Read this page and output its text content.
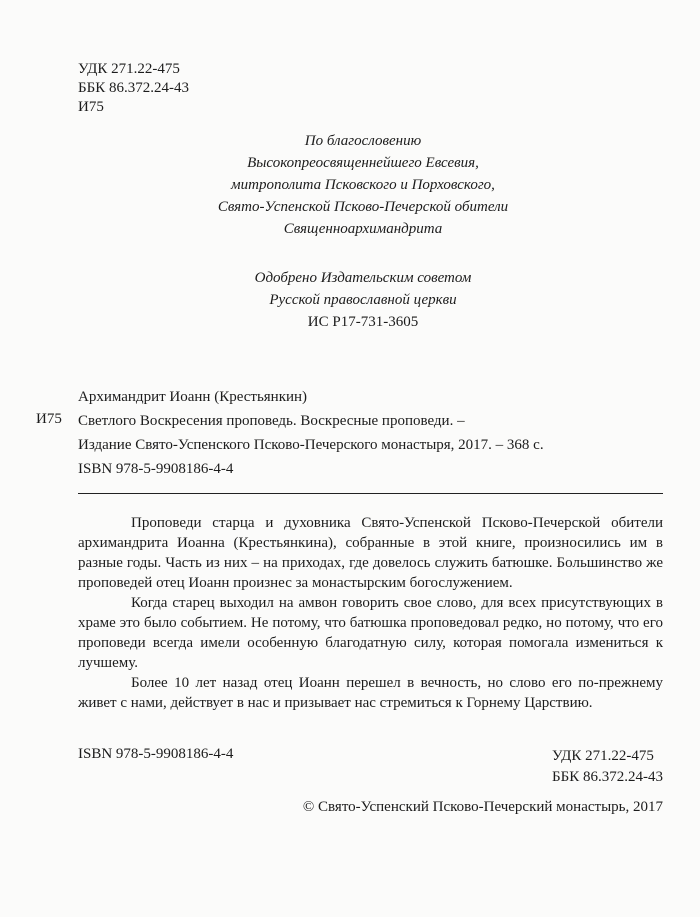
УДК 271.22-475
ББК 86.372.24-43
И75
По благословению
Высокопреосвященнейшего Евсевия,
митрополита Псковского и Порховского,
Свято-Успенской Псково-Печерской обители
Священноархимандрита
Одобрено Издательским советом
Русской православной церкви
ИС Р17-731-3605
И75
Архимандрит Иоанн (Крестьянкин)
Светлого Воскресения проповедь. Воскресные проповеди. –
Издание Свято-Успенского Псково-Печерского монастыря, 2017. – 368 с.
ISBN 978-5-9908186-4-4

Проповеди старца и духовника Свято-Успенской Псково-Печерской обители архимандрита Иоанна (Крестьянкина), собранные в этой книге, произносились им в разные годы. Часть из них – на приходах, где довелось служить батюшке. Большинство же проповедей отец Иоанн произнес за монастырским богослужением.

Когда старец выходил на амвон говорить свое слово, для всех присутствующих в храме это было событием. Не потому, что батюшка проповедовал редко, но потому, что его проповеди всегда имели особенную благодатную силу, которая помогала измениться к лучшему.

Более 10 лет назад отец Иоанн перешел в вечность, но слово его по-прежнему живет с нами, действует в нас и призывает нас стремиться к Горнему Царствию.

ISBN 978-5-9908186-4-4	УДК 271.22-475
ББК 86.372.24-43
© Свято-Успенский Псково-Печерский монастырь, 2017
